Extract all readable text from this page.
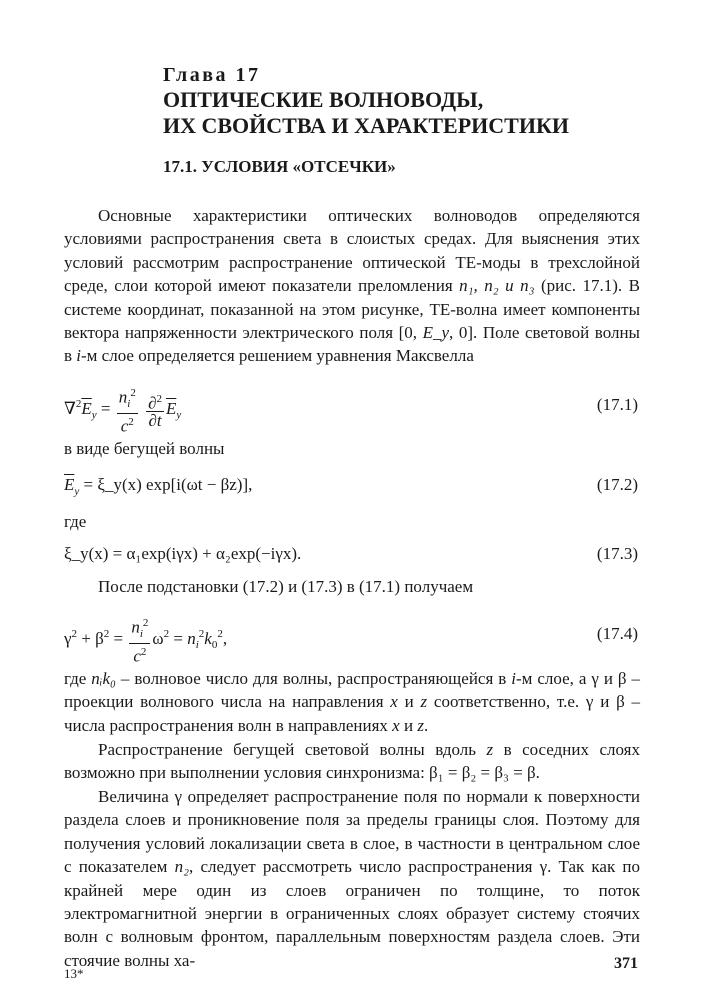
Глава 17
ОПТИЧЕСКИЕ ВОЛНОВОДЫ,
ИХ СВОЙСТВА И ХАРАКТЕРИСТИКИ
17.1. УСЛОВИЯ «ОТСЕЧКИ»

Основные характеристики оптических волноводов определяются условиями распространения света в слоистых средах. Для выяснения этих условий рассмотрим распространение оптической ТЕ-моды в трехслойной среде, слои которой имеют показатели преломления n₁, n₂ и n₃ (рис. 17.1). В системе координат, показанной на этом рисунке, ТЕ-волна имеет компоненты вектора напряженности электрического поля [0, E_y, 0]. Поле световой волны в i-м слое определяется решением уравнения Максвелла

$\nabla^2\overline{E}_y = \frac{n_i^2}{c^2}$
$\frac{\partial^2}{\partial t} \overline{E}_y$
(17.1)
в виде бегущей волны
$\overline{E}_y$ = ξ_y(x) exp[i(ωt − βz)],	(17.2)
где
ξ_y(x) = α₁exp(iγx) + α₂exp(−iγx).	(17.3)
После подстановки (17.2) и (17.3) в (17.1) получаем
$\gamma^2 + \beta^2 = \frac{n_i^2}{c^2} \omega^2 = n_i^2k_0^2$,	(17.4)

где nᵢk₀ – волновое число для волны, распространяющейся в i-м слое, а γ и β – проекции волнового числа на направления x и z соответственно, т.е. γ и β – числа распространения волн в направлениях x и z.

Распространение бегущей световой волны вдоль z в соседних слоях возможно при выполнении условия синхронизма: β₁ = β₂ = β₃ = β.

Величина γ определяет распространение поля по нормали к поверхности раздела слоев и проникновение поля за пределы границы слоя. Поэтому для получения условий локализации света в слое, в частности в центральном слое с показателем n₂, следует рассмотреть число распространения γ. Так как по крайней мере один из слоев ограничен по толщине, то поток электромагнитной энергии в ограниченных слоях образует систему стоячих волн с волновым фронтом, параллельным поверхностям раздела слоев. Эти стоячие волны ха-

13*
371
